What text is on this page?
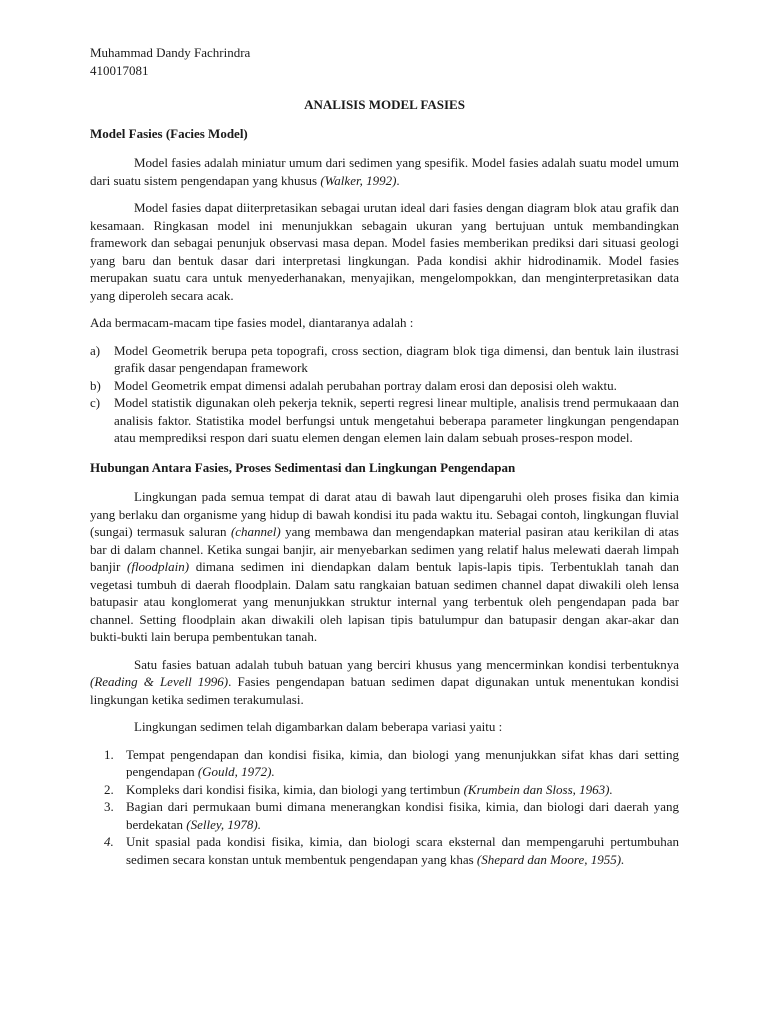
Muhammad Dandy Fachrindra

410017081

ANALISIS MODEL FASIES

Model Fasies (Facies Model)

Model fasies adalah miniatur umum dari sedimen yang spesifik. Model fasies adalah suatu model umum dari suatu sistem pengendapan yang khusus (Walker, 1992).

Model fasies dapat diiterpretasikan sebagai urutan ideal dari fasies dengan diagram blok atau grafik dan kesamaan. Ringkasan model ini menunjukkan sebagain ukuran yang bertujuan untuk membandingkan framework dan sebagai penunjuk observasi masa depan. Model fasies memberikan prediksi dari situasi geologi yang baru dan bentuk dasar dari interpretasi lingkungan. Pada kondisi akhir hidrodinamik. Model fasies merupakan suatu cara untuk menyederhanakan, menyajikan, mengelompokkan, dan menginterpretasikan data yang diperoleh secara acak.

Ada bermacam-macam tipe fasies model, diantaranya adalah :

a) Model Geometrik berupa peta topografi, cross section, diagram blok tiga dimensi, dan bentuk lain ilustrasi grafik dasar pengendapan framework
b) Model Geometrik empat dimensi adalah perubahan portray dalam erosi dan deposisi oleh waktu.
c) Model statistik digunakan oleh pekerja teknik, seperti regresi linear multiple, analisis trend permukaaan dan analisis faktor. Statistika model berfungsi untuk mengetahui beberapa parameter lingkungan pengendapan atau memprediksi respon dari suatu elemen dengan elemen lain dalam sebuah proses-respon model.

Hubungan Antara Fasies, Proses Sedimentasi dan Lingkungan Pengendapan

Lingkungan pada semua tempat di darat atau di bawah laut dipengaruhi oleh proses fisika dan kimia yang berlaku dan organisme yang hidup di bawah kondisi itu pada waktu itu. Sebagai contoh, lingkungan fluvial (sungai) termasuk saluran (channel) yang membawa dan mengendapkan material pasiran atau kerikilan di atas bar di dalam channel. Ketika sungai banjir, air menyebarkan sedimen yang relatif halus melewati daerah limpah banjir (floodplain) dimana sedimen ini diendapkan dalam bentuk lapis-lapis tipis. Terbentuklah tanah dan vegetasi tumbuh di daerah floodplain. Dalam satu rangkaian batuan sedimen channel dapat diwakili oleh lensa batupasir atau konglomerat yang menunjukkan struktur internal yang terbentuk oleh pengendapan pada bar channel. Setting floodplain akan diwakili oleh lapisan tipis batulumpur dan batupasir dengan akar-akar dan bukti-bukti lain berupa pembentukan tanah.

Satu fasies batuan adalah tubuh batuan yang berciri khusus yang mencerminkan kondisi terbentuknya (Reading & Levell 1996). Fasies pengendapan batuan sedimen dapat digunakan untuk menentukan kondisi lingkungan ketika sedimen terakumulasi.

Lingkungan sedimen telah digambarkan dalam beberapa variasi yaitu :

1. Tempat pengendapan dan kondisi fisika, kimia, dan biologi yang menunjukkan sifat khas dari setting pengendapan (Gould, 1972).
2. Kompleks dari kondisi fisika, kimia, dan biologi yang tertimbun (Krumbein dan Sloss, 1963).
3. Bagian dari permukaan bumi dimana menerangkan kondisi fisika, kimia, dan biologi dari daerah yang berdekatan (Selley, 1978).
4. Unit spasial pada kondisi fisika, kimia, dan biologi scara eksternal dan mempengaruhi pertumbuhan sedimen secara konstan untuk membentuk pengendapan yang khas (Shepard dan Moore, 1955).
